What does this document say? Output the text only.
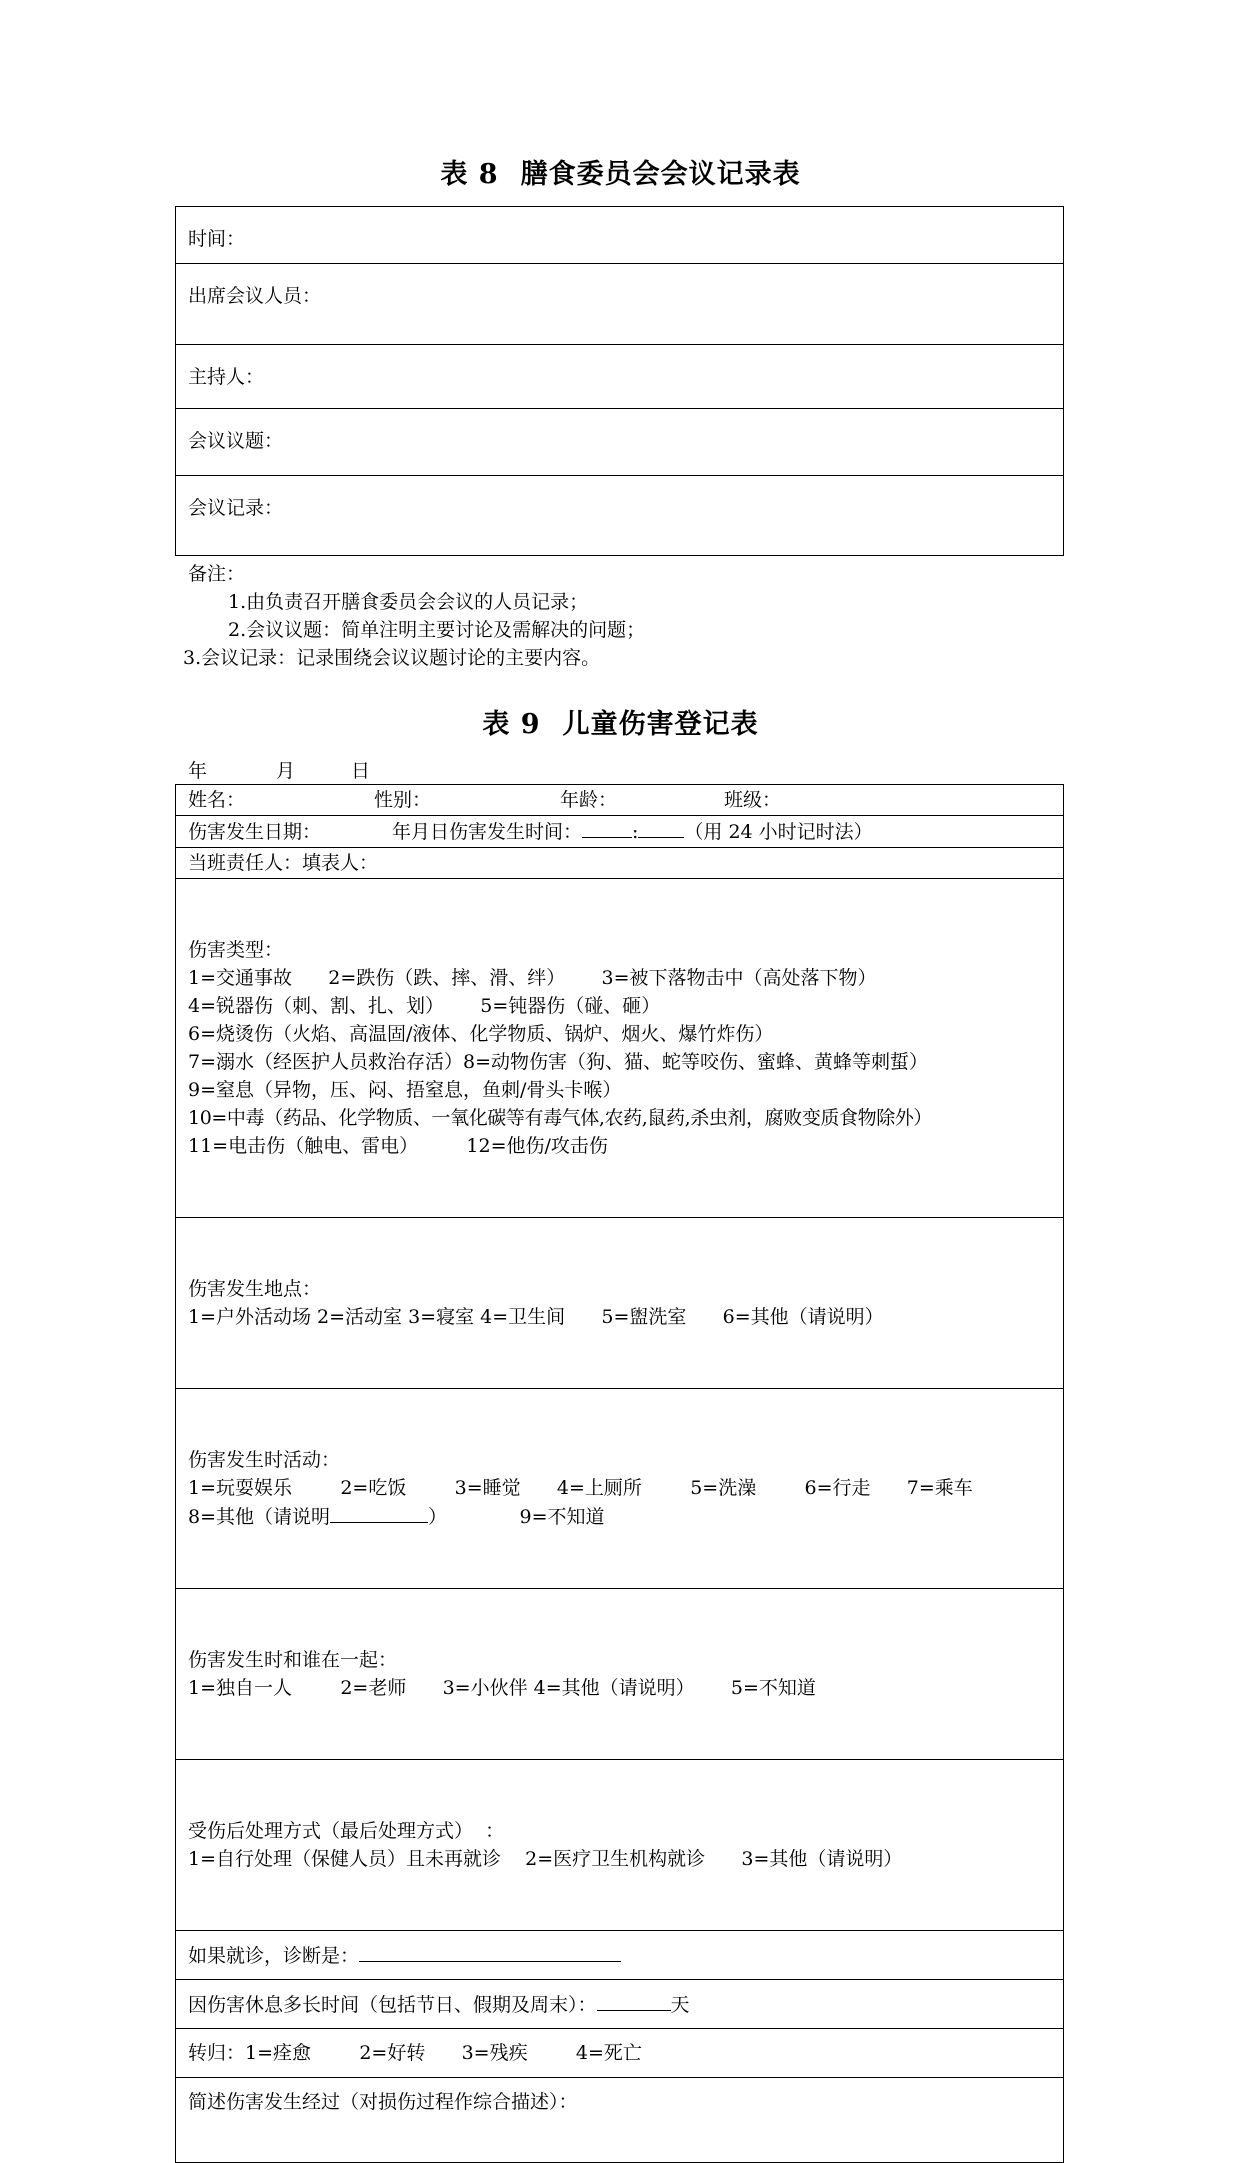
表 8 膳食委员会会议记录表
时间：
出席会议人员：
主持人：
会议议题：
会议记录：
备注：
1.由负责召开膳食委员会会议的人员记录；
2.会议议题：简单注明主要讨论及需解决的问题；
3.会议记录：记录围绕会议议题讨论的主要内容。
表 9 儿童伤害登记表
年	月	日
姓名：	性别：	年龄：	班级：
伤害发生日期：	年月日伤害发生时间：	: （用 24 小时记时法）
当班责任人：填表人：

伤害类型：
1=交通事故      2=跌伤（跌、摔、滑、绊）      3=被下落物击中（高处落下物）
4=锐器伤（刺、割、扎、划）      5=钝器伤（碰、砸）
6=烧烫伤（火焰、高温固/液体、化学物质、锅炉、烟火、爆竹炸伤）
7=溺水（经医护人员救治存活）8=动物伤害（狗、猫、蛇等咬伤、蜜蜂、黄蜂等刺蜇）
9=窒息（异物，压、闷、捂窒息，鱼刺/骨头卡喉）
10=中毒（药品、化学物质、一氧化碳等有毒气体,农药,鼠药,杀虫剂，腐败变质食物除外）
11=电击伤（触电、雷电）        12=他伤/攻击伤

伤害发生地点：
1=户外活动场 2=活动室 3=寝室 4=卫生间      5=盥洗室      6=其他（请说明）

伤害发生时活动：
1=玩耍娱乐        2=吃饭        3=睡觉      4=上厕所        5=洗澡        6=行走      7=乘车
8=其他（请说明	）            9=不知道

伤害发生时和谁在一起：
1=独自一人        2=老师      3=小伙伴 4=其他（请说明）      5=不知道

受伤后处理方式（最后处理方式）  ：
1=自行处理（保健人员）且未再就诊    2=医疗卫生机构就诊      3=其他（请说明）

如果就诊，诊断是：
因伤害休息多长时间（包括节日、假期及周末）：	天
转归：1=痊愈        2=好转      3=残疾        4=死亡
简述伤害发生经过（对损伤过程作综合描述）：
